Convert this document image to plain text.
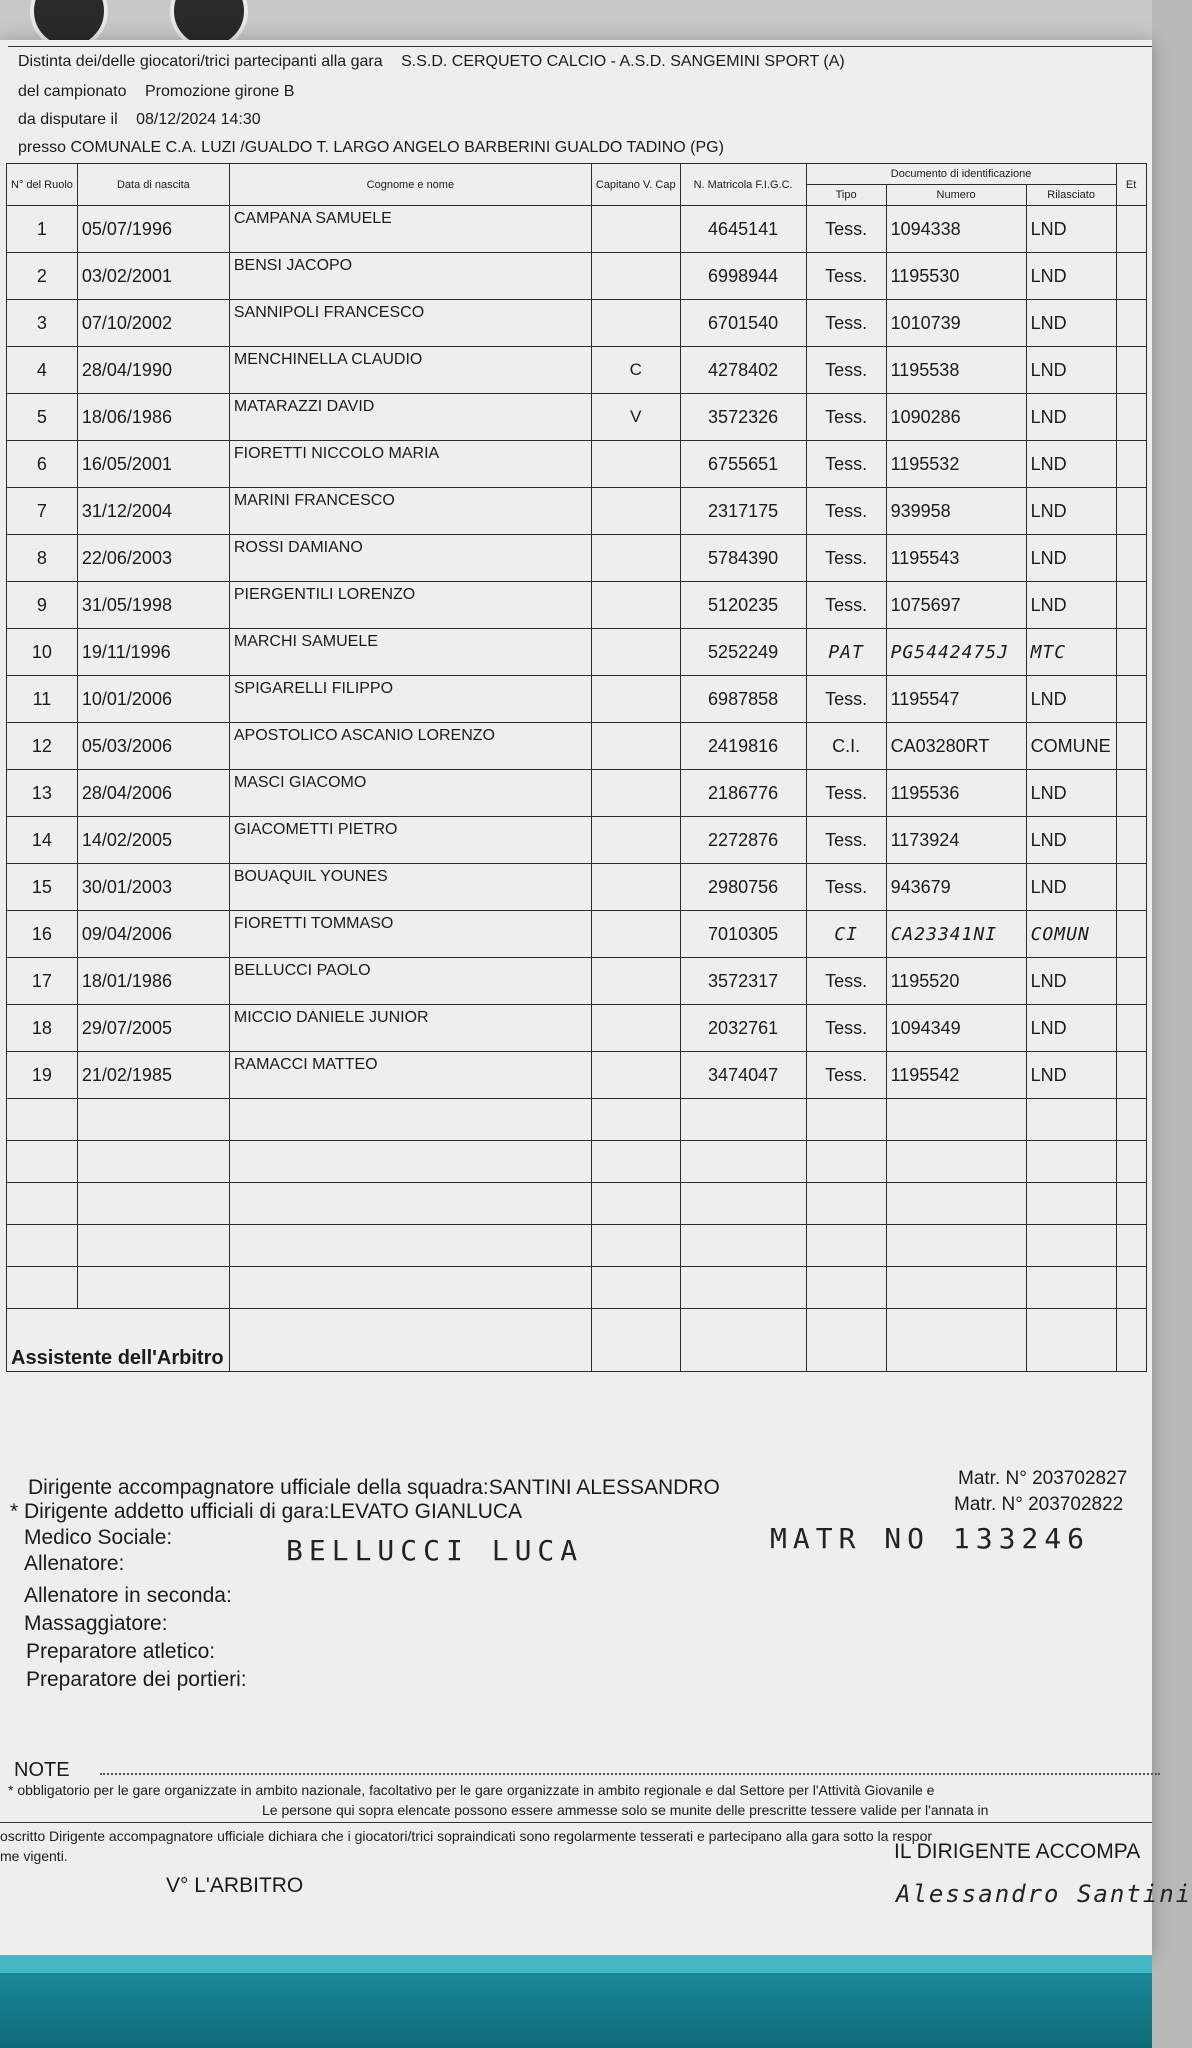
Distinta dei/delle giocatori/trici partecipanti alla gara S.S.D. CERQUETO CALCIO - A.S.D. SANGEMINI SPORT (A)
del campionato Promozione girone B
da disputare il 08/12/2024 14:30
presso COMUNALE C.A. LUZI /GUALDO T. LARGO ANGELO BARBERINI GUALDO TADINO (PG)
N° del Ruolo	Data di nascita	Cognome e nome	Capitano V. Cap	N. Matricola F.I.G.C.	Documento di identificazione			Et
					Tipo	Numero	Rilasciato	
1	05/07/1996	CAMPANA SAMUELE		4645141	Tess.	1094338	LND	
2	03/02/2001	BENSI JACOPO		6998944	Tess.	1195530	LND	
3	07/10/2002	SANNIPOLI FRANCESCO		6701540	Tess.	1010739	LND	
4	28/04/1990	MENCHINELLA CLAUDIO	C	4278402	Tess.	1195538	LND	
5	18/06/1986	MATARAZZI DAVID	V	3572326	Tess.	1090286	LND	
6	16/05/2001	FIORETTI NICCOLO MARIA		6755651	Tess.	1195532	LND	
7	31/12/2004	MARINI FRANCESCO		2317175	Tess.	939958	LND	
8	22/06/2003	ROSSI DAMIANO		5784390	Tess.	1195543	LND	
9	31/05/1998	PIERGENTILI LORENZO		5120235	Tess.	1075697	LND	
10	19/11/1996	MARCHI SAMUELE		5252249	PAT	PG5442475J	MTC	
11	10/01/2006	SPIGARELLI FILIPPO		6987858	Tess.	1195547	LND	
12	05/03/2006	APOSTOLICO ASCANIO LORENZO		2419816	C.I.	CA03280RT	COMUNE	
13	28/04/2006	MASCI GIACOMO		2186776	Tess.	1195536	LND	
14	14/02/2005	GIACOMETTI PIETRO		2272876	Tess.	1173924	LND	
15	30/01/2003	BOUAQUIL YOUNES		2980756	Tess.	943679	LND	
16	09/04/2006	FIORETTI TOMMASO		7010305	CI	CA23341NI	COMUN	
17	18/01/1986	BELLUCCI PAOLO		3572317	Tess.	1195520	LND	
18	29/07/2005	MICCIO DANIELE JUNIOR		2032761	Tess.	1094349	LND	
19	21/02/1985	RAMACCI MATTEO		3474047	Tess.	1195542	LND	

Assistente dell'Arbitro								
Dirigente accompagnatore ufficiale della squadra:SANTINI ALESSANDRO	Matr. N° 203702827
* Dirigente addetto ufficiali di gara:LEVATO GIANLUCA	Matr. N° 203702822
Medico Sociale:
Allenatore:	BELLUCCI LUCA	MATR NO 133246
Allenatore in seconda:
Massaggiatore:
Preparatore atletico:
Preparatore dei portieri:
NOTE
* obbligatorio per le gare organizzate in ambito nazionale, facoltativo per le gare organizzate in ambito regionale e dal Settore per l'Attività Giovanile e
Le persone qui sopra elencate possono essere ammesse solo se munite delle prescritte tessere valide per l'annata in
oscritto Dirigente accompagnatore ufficiale dichiara che i giocatori/trici sopraindicati sono regolarmente tesserati e partecipano alla gara sotto la respor
me vigenti.
V° L'ARBITRO
IL DIRIGENTE ACCOMPA
Alessandro Santini
